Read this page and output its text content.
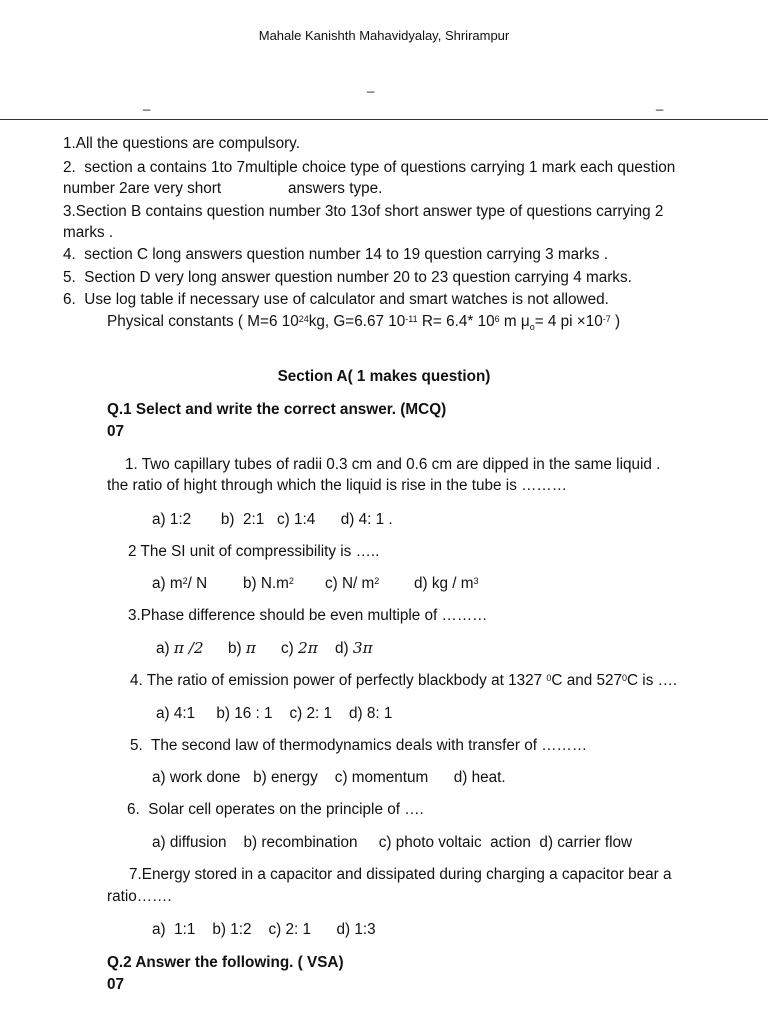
Mahale Kanishth Mahavidyalay, Shrirampur
_
_	_
1.All the questions are compulsory.
2. section a contains 1to 7multiple choice type of questions carrying 1 mark each question
number 2are very short	answers type.
3.Section B contains question number 3to 13of short answer type of questions carrying 2
marks .
4. section C long answers question number 14 to 19 question carrying 3 marks .
5. Section D very long answer question number 20 to 23 question carrying 4 marks.
6. Use log table if necessary use of calculator and smart watches is not allowed.
Physical constants ( M=6 $10^{24}kg$, G=6.67 $10^{-11}$ R= 6.4* $10^6$ m $\mu_o= 4$ pi $\times 10^{-7}$ )
Section A( 1 makes question)
Q.1 Select and write the correct answer. (MCQ)
07
1. Two capillary tubes of radii 0.3 cm and 0.6 cm are dipped in the same liquid .
the ratio of hight through which the liquid is rise in the tube is ………
a) 1:2       b)  2:1   c) 1:4      d) 4: 1 .
2 The SI unit of compressibility is …..
a) $m^2/$ N b) $N.m^2$ c) N/ $m^2$ d) kg / $m^3$
3.Phase difference should be even multiple of ………
a) π /2 b) π c) 2π d) 3π
4. The ratio of emission power of perfectly blackbody at 1327 $^0$C and $527^0C$ is ….
a) 4:1     b) 16 : 1    c) 2: 1    d) 8: 1
5.  The second law of thermodynamics deals with transfer of ………
a) work done   b) energy    c) momentum      d) heat.
6.  Solar cell operates on the principle of ….
a) diffusion    b) recombination     c) photo voltaic  action  d) carrier flow
7.Energy stored in a capacitor and dissipated during charging a capacitor bear a
ratio…….
a)  1:1    b) 1:2    c) 2: 1      d) 1:3
Q.2 Answer the following. ( VSA)
07
